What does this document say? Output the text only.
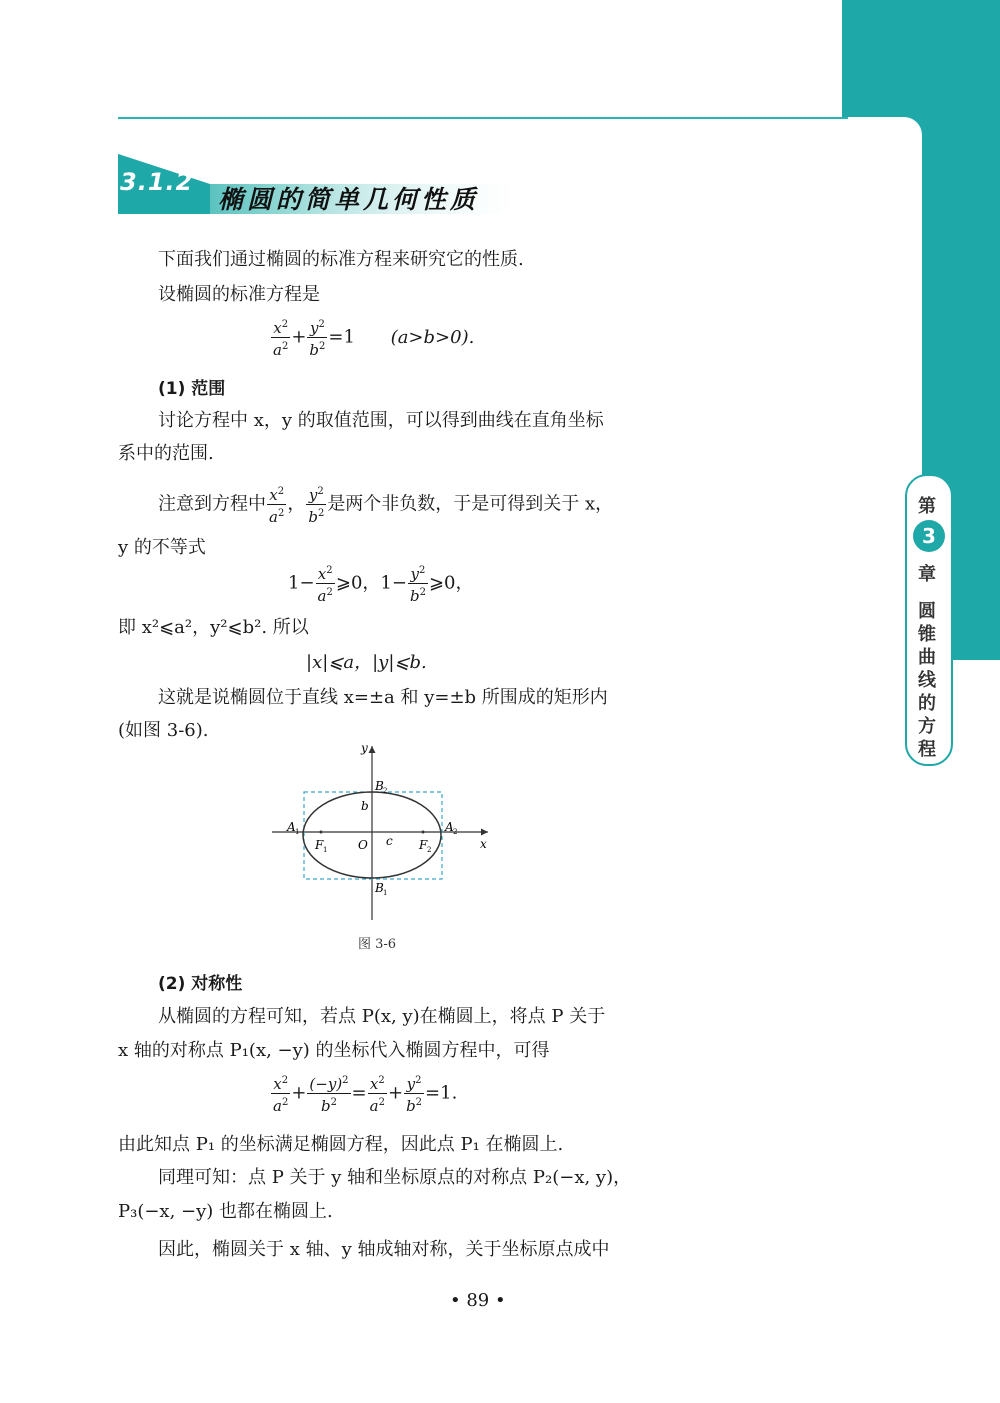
3.1.2
椭圆的简单几何性质
下面我们通过椭圆的标准方程来研究它的性质.
设椭圆的标准方程是
$\frac{x^2}{a^2} + \frac{y^2}{b^2} =1$ (a>b>0).
(1) 范围
讨论方程中 x，y 的取值范围，可以得到曲线在直角坐标
系中的范围.
注意到方程中 $\frac{x^2}{a^2}$ ， $\frac{y^2}{b^2}$ 是两个非负数，于是可得到关于 x，
y 的不等式
$1- \frac{x^2}{a^2}$ ⩾0，$1- \frac{y^2}{b^2}$ ⩾0，
即 x²⩽a²，y²⩽b². 所以
|x|⩽a，|y|⩽b.
这就是说椭圆位于直线 x=±a 和 y=±b 所围成的矩形内
(如图 3-6).
y
x
O
A 1	A 2
B 2
B 1
F 1	F 2
b
c
图 3-6
(2) 对称性
从椭圆的方程可知，若点 P(x, y)在椭圆上，将点 P 关于
x 轴的对称点 P₁(x, −y) 的坐标代入椭圆方程中，可得
$\frac{x^2}{a^2} + \frac{(-y)^2}{b^2} = \frac{x^2}{a^2} + \frac{y^2}{b^2} =1$.
由此知点 P₁ 的坐标满足椭圆方程，因此点 P₁ 在椭圆上.
同理可知：点 P 关于 y 轴和坐标原点的对称点 P₂(−x, y)，
P₃(−x, −y) 也都在椭圆上.
因此，椭圆关于 x 轴、y 轴成轴对称，关于坐标原点成中
• 89 •
第
3
章
圆锥曲线的方程
